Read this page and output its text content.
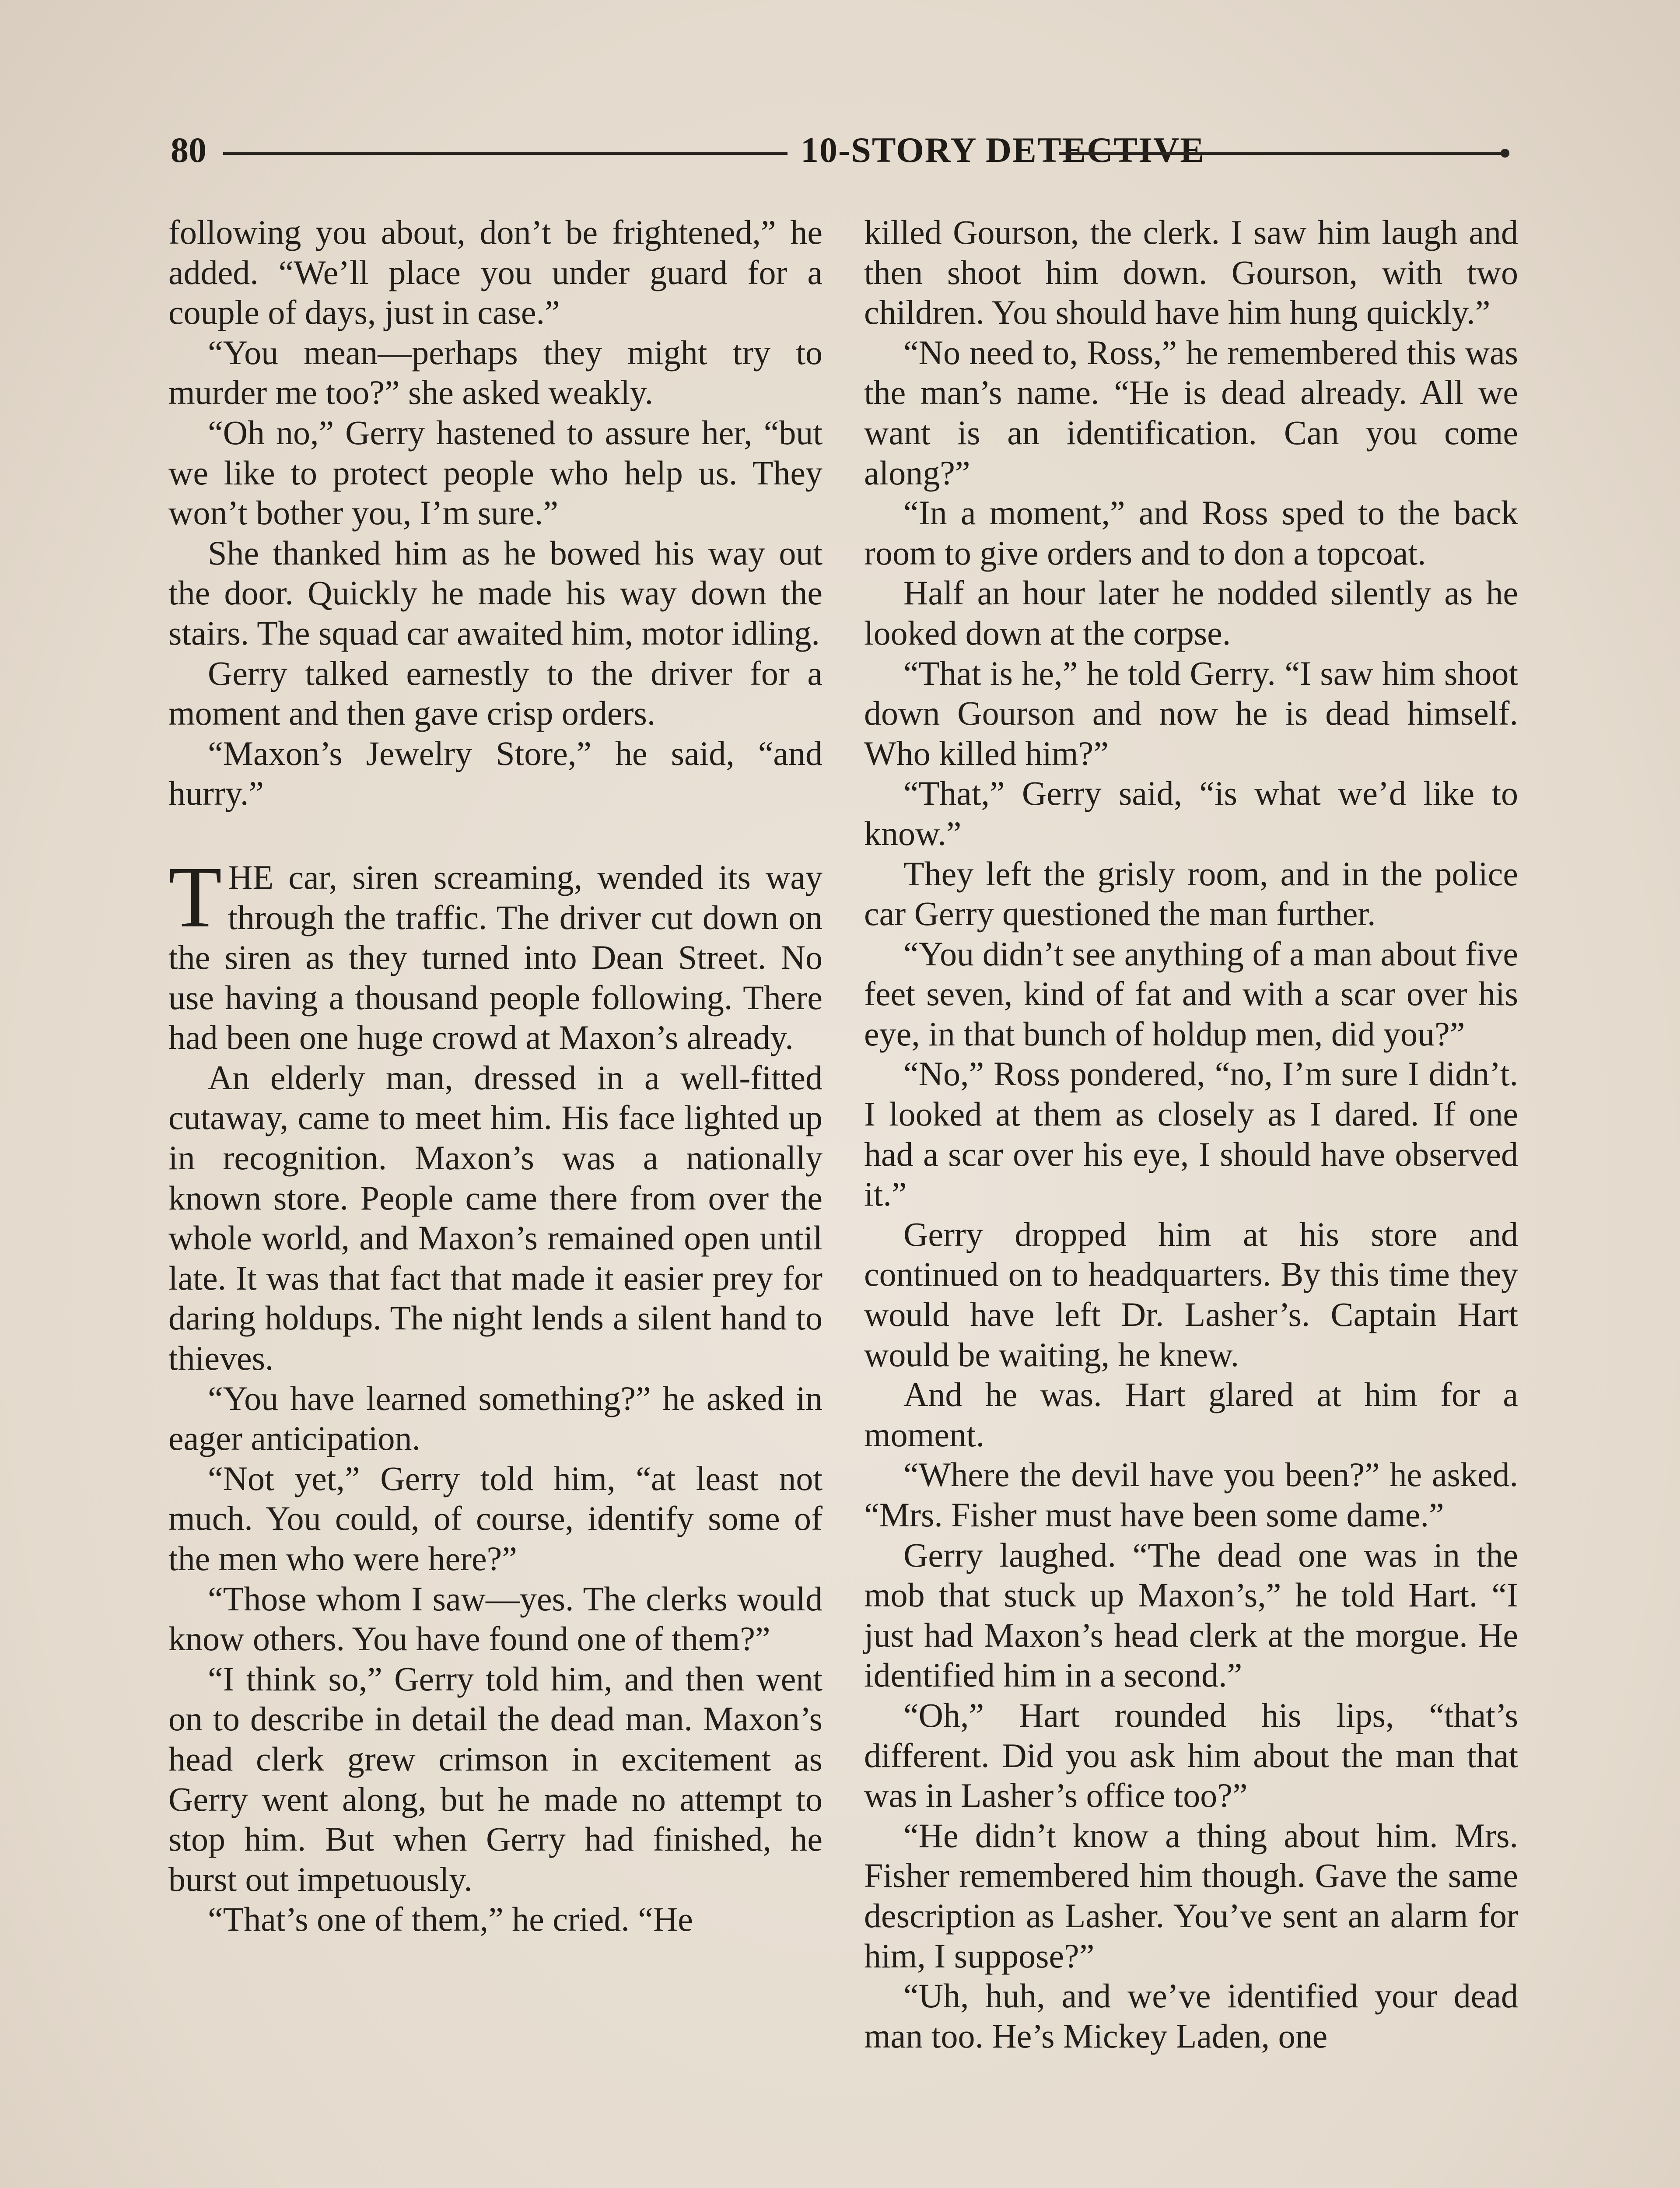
80	10-STORY DETECTIVE

following you about, don’t be frightened,” he added. “We’ll place you under guard for a couple of days, just in case.”

“You mean—perhaps they might try to murder me too?” she asked weakly.

“Oh no,” Gerry hastened to assure her, “but we like to protect people who help us. They won’t bother you, I’m sure.”

She thanked him as he bowed his way out the door. Quickly he made his way down the stairs. The squad car awaited him, motor idling.

Gerry talked earnestly to the driver for a moment and then gave crisp orders.

“Maxon’s Jewelry Store,” he said, “and hurry.”

THE car, siren screaming, wended its way through the traffic. The driver cut down on the siren as they turned into Dean Street. No use having a thousand people following. There had been one huge crowd at Maxon’s already.

An elderly man, dressed in a well-fitted cutaway, came to meet him. His face lighted up in recognition. Maxon’s was a nationally known store. People came there from over the whole world, and Maxon’s remained open until late. It was that fact that made it easier prey for daring holdups. The night lends a silent hand to thieves.

“You have learned something?” he asked in eager anticipation.

“Not yet,” Gerry told him, “at least not much. You could, of course, identify some of the men who were here?”

“Those whom I saw—yes. The clerks would know others. You have found one of them?”

“I think so,” Gerry told him, and then went on to describe in detail the dead man. Maxon’s head clerk grew crimson in excitement as Gerry went along, but he made no attempt to stop him. But when Gerry had finished, he burst out impetuously.

“That’s one of them,” he cried. “He

killed Gourson, the clerk. I saw him laugh and then shoot him down. Gourson, with two children. You should have him hung quickly.”

“No need to, Ross,” he remembered this was the man’s name. “He is dead already. All we want is an identification. Can you come along?”

“In a moment,” and Ross sped to the back room to give orders and to don a topcoat.

Half an hour later he nodded silently as he looked down at the corpse.

“That is he,” he told Gerry. “I saw him shoot down Gourson and now he is dead himself. Who killed him?”

“That,” Gerry said, “is what we’d like to know.”

They left the grisly room, and in the police car Gerry questioned the man further.

“You didn’t see anything of a man about five feet seven, kind of fat and with a scar over his eye, in that bunch of holdup men, did you?”

“No,” Ross pondered, “no, I’m sure I didn’t. I looked at them as closely as I dared. If one had a scar over his eye, I should have observed it.”

Gerry dropped him at his store and continued on to headquarters. By this time they would have left Dr. Lasher’s. Captain Hart would be waiting, he knew.

And he was. Hart glared at him for a moment.

“Where the devil have you been?” he asked. “Mrs. Fisher must have been some dame.”

Gerry laughed. “The dead one was in the mob that stuck up Maxon’s,” he told Hart. “I just had Maxon’s head clerk at the morgue. He identified him in a second.”

“Oh,” Hart rounded his lips, “that’s different. Did you ask him about the man that was in Lasher’s office too?”

“He didn’t know a thing about him. Mrs. Fisher remembered him though. Gave the same description as Lasher. You’ve sent an alarm for him, I suppose?”

“Uh, huh, and we’ve identified your dead man too. He’s Mickey Laden, one
